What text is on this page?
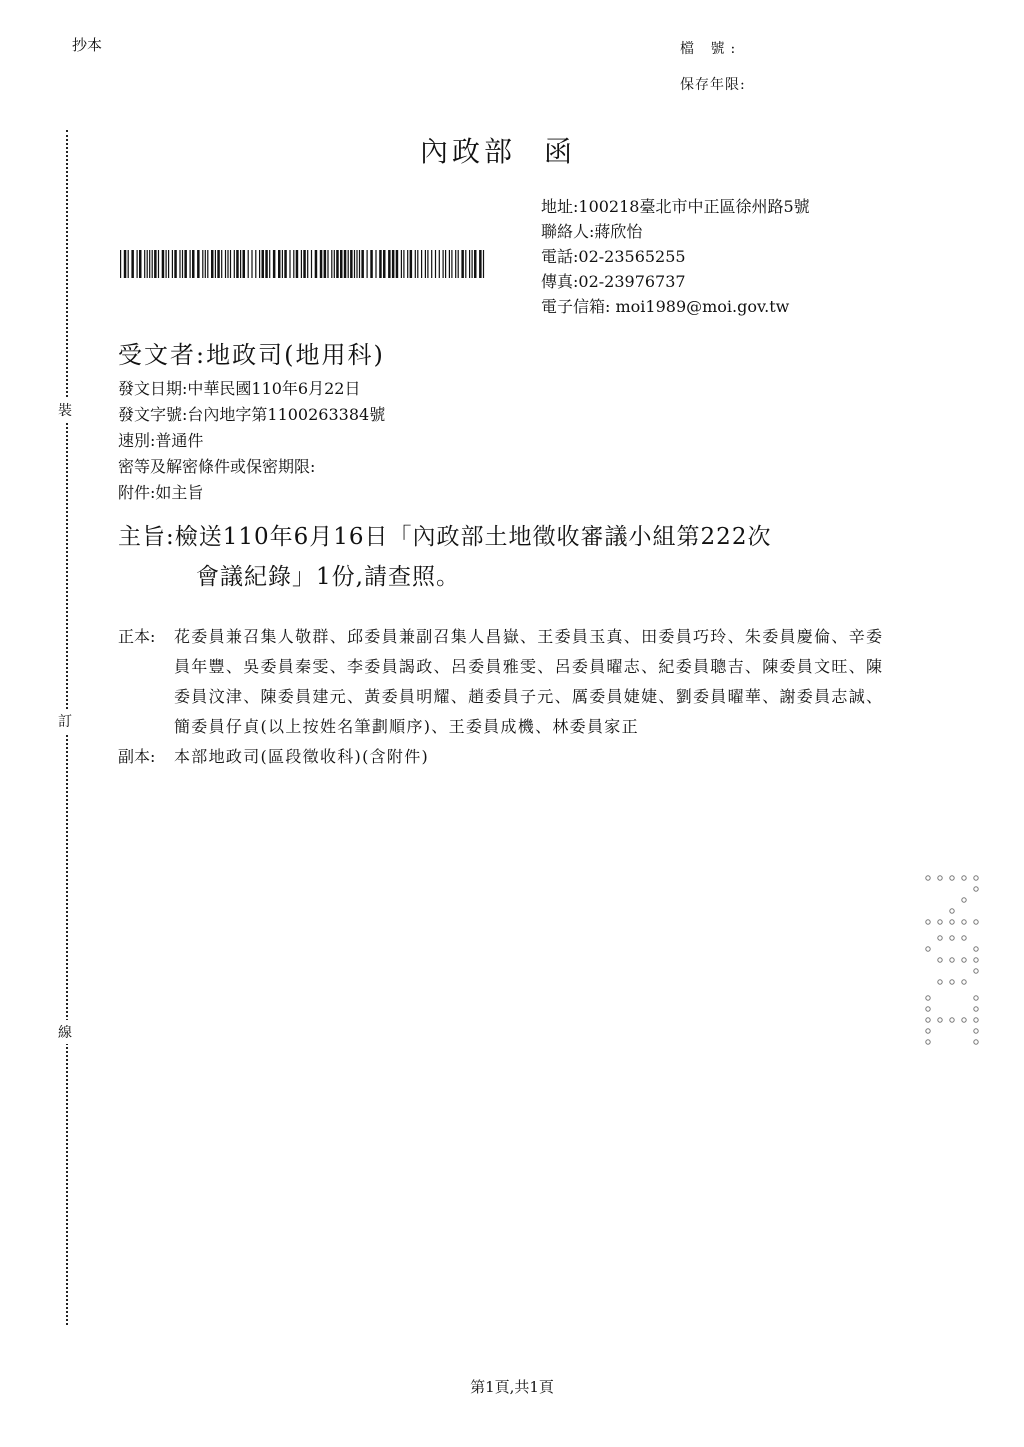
抄本	檔 號:
保存年限:
內政部 函
地址:100218臺北市中正區徐州路5號
聯絡人:蔣欣怡
電話:02-23565255
傳真:02-23976737
電子信箱: moi1989@moi.gov.tw
受文者:地政司(地用科)
發文日期:中華民國110年6月22日
發文字號:台內地字第1100263384號
速別:普通件
密等及解密條件或保密期限:
附件:如主旨
主旨:檢送110年6月16日「內政部土地徵收審議小組第222次
會議紀錄」1份,請查照。
正本:	花委員兼召集人敬群、邱委員兼副召集人昌嶽、王委員玉真、田委員巧玲、朱委員慶倫、辛委員年豐、吳委員秦雯、李委員謁政、呂委員雅雯、呂委員曜志、紀委員聰吉、陳委員文旺、陳委員汶津、陳委員建元、黃委員明耀、趙委員子元、厲委員婕婕、劉委員曜華、謝委員志誠、簡委員仔貞(以上按姓名筆劃順序)、王委員成機、林委員家正
副本:	本部地政司(區段徵收科)(含附件)
裝
訂
線
第1頁,共1頁
